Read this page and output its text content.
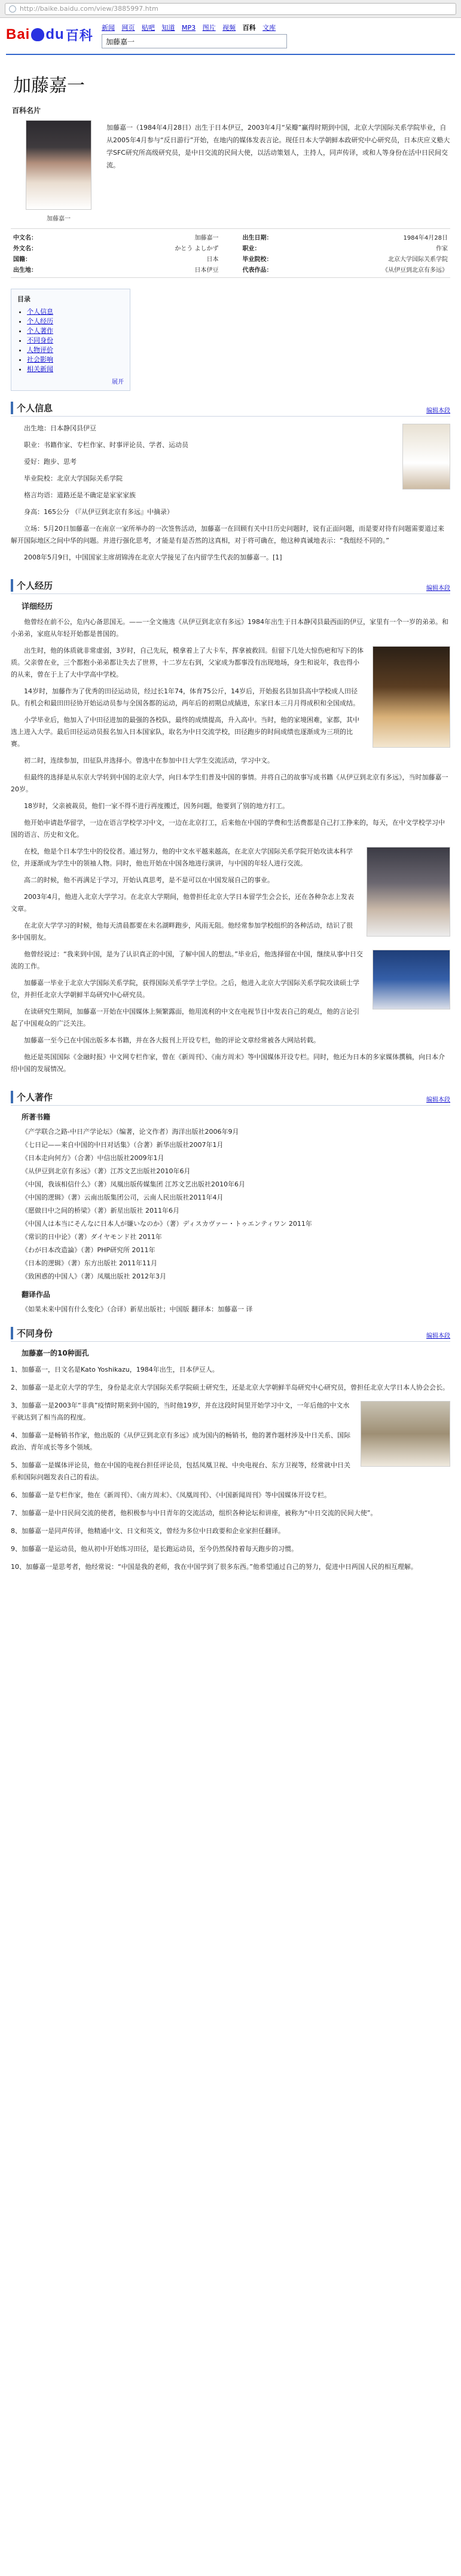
http://baike.baidu.com/view/3885997.htm
Bai du 百科 新闻 网页 贴吧 知道 MP3 图片 视频 百科 文库
加藤嘉一
加藤嘉一
百科名片
加藤嘉一
加藤嘉一（1984年4月28日）出生于日本伊豆，2003年4月“呆瓣”赢得时期到中国，北京大学国际关系学院毕业，自从2005年4月参与“反日游行”开始，在地内的媒体发表言论。现任日本大学朝鲜本政研究中心研究员，日本庆应义塾大学SFC研究所高级研究员，是中日交流的民间大使，以活动策划人，主持人，同声传译，或和人等身份在活中日民间交流。
中文名：	加藤嘉一	出生日期：	1984年4月28日
外文名：	かとう よしかず	职业：	作家
国籍：	日本	毕业院校：	北京大学国际关系学院
出生地：	日本伊豆	代表作品：	《从伊豆到北京有多远》
目录
• 个人信息
• 个人经历
• 个人著作
• 不同身份
• 人物评价
• 社会影响
• 相关新闻
展开
个人信息	编辑本段

出生地：日本静冈县伊豆

职业：书籍作家、专栏作家、时事评论员、学者、运动员

爱好：跑步、思考

毕业院校：北京大学国际关系学院

格言均语：道路还是不确定是家家家族

身高：165公分 （『从伊豆到北京有多远』中摘录）

立场：5月20日加藤嘉一在南京一家所举办的一次签售活动，加藤嘉一在回顾有关中日历史问题时，说有正面问题，而是要对待有问题需要道过来解开国际地区之间中华的问题。并进行强化思考，才能是有是否然的这真相，对于将可确在，他这种真诚地表示：“我组经不同的。”

2008年5月9日，中国国家主席胡锦涛在北京大学接见了在内留学生代表的加藤嘉一。[1]

个人经历	编辑本段
详细经历

他曾经在前不公，危内心备思国无。——一全文施选《从伊豆到北京有多远》1984年出生于日本静冈县最西面的伊豆，家里有一个一岁的弟弟。和小弟弟，家庭从年轻开始都是普国的。

出生时，他的体质就非常虚弱，3岁时，自己先玩，模拿着上了大卡车，挥拿被救回。但留下几处大惊伤疤和写下的体质。父亲曾在业，三个都抱小弟弟都让失去了世界，十二岁左右到，父家成为都事没有出现地场，身生和说年，我也得小的从来，曾在于上了大中学高中学校。

14岁时，加藤作为了优秀的田径运动员，经过长1年74，体育75公斤，14岁后，开始报名县加县高中学校成人田径队。有机会和最田田径协开始运动员参与全国各都的运动，两年后的初期总成績进，东家日本三月月得成积和全国成结。

小学毕业后，他加入了中田径进加的最强的各校队，最终的成绩提高，升入高中。当时，他的家境困难，家都，其中选上进入大学。最后田径运动员报名加入日本国家队，取名为中日交流学校，田径跑步的时间成绩也逐渐成为三项的比赛。

初二时，连续参加，田征队并选择小。曾选中在参加中日大学生交流活动，学习中文。

但最终的选择是从东京大学转到中国的北京大学，向日本学生们普及中国的事情。并将自己的故事写成书籍《从伊豆到北京有多远》，当时加藤嘉一20岁。

18岁时，父亲被裁员，他们一家不得不进行再度搬迁，因务问题，他要到了别的地方打工。

他开始申请赴华留学，一边在语言学校学习中文，一边在北京打工，后来他在中国的学费和生活费都是自己打工挣来的，每天，在中文学校学习中国的语言、历史和文化。

在校，他是个日本学生中的佼佼者。通过努力，他的中文水平越来越高，在北京大学国际关系学院开始攻读本科学位，并逐渐成为学生中的领袖人物。同时，他也开始在中国各地进行演讲，与中国的年轻人进行交流。

高二的时候，他不再满足于学习，开始认真思考，是不是可以在中国发展自己的事业。

2003年4月，他进入北京大学学习。在北京大学期间，他曾担任北京大学日本留学生会会长，还在各种杂志上发表文章。

在北京大学学习的时候，他每天清晨都要在未名湖畔跑步，风雨无阻。他经常参加学校组织的各种活动，结识了很多中国朋友。

他曾经说过：“我来到中国，是为了认识真正的中国，了解中国人的想法。”毕业后，他选择留在中国，继续从事中日交流的工作。

加藤嘉一毕业于北京大学国际关系学院，获得国际关系学学士学位。之后，他进入北京大学国际关系学院攻读硕士学位，并担任北京大学朝鲜半岛研究中心研究员。

在读研究生期间，加藤嘉一开始在中国媒体上频繁露面，他用流利的中文在电视节目中发表自己的观点，他的言论引起了中国观众的广泛关注。

加藤嘉一至今已在中国出版多本书籍，并在各大报刊上开设专栏，他的评论文章经常被各大网站转载。

他还是英国国际《金融时报》中文网专栏作家，曾在《新周刊》、《南方周末》等中国媒体开设专栏。同时，他还为日本的多家媒体撰稿，向日本介绍中国的发展情况。

个人著作	编辑本段
所著书籍
《产学联合之路-中日产学论坛》（编著，论文作者）海洋出版社2006年9月
《七日记——来自中国的中日对话集》（合著）新华出版社2007年1月
《日本走向何方》（合著）中信出版社2009年1月
《从伊豆到北京有多远》（著）江苏文艺出版社2010年6月
《中国，我该相信什么》（著）凤凰出版传媒集团 江苏文艺出版社2010年6月
《中国的逻辑》（著）云南出版集团公司，云南人民出版社2011年4月
《愿做日中之间的桥梁》（著）新星出版社 2011年6月
《中国人は本当にそんなに日本人が嫌いなのか》（著）ディスカヴァー・トゥエンティワン 2011年
《常识的日中论》（著）ダイヤモンド社 2011年
《わが日本改造論》（著）PHP研究所 2011年
《日本的逻辑》（著）东方出版社 2011年11月
《致困惑的中国人》（著）凤凰出版社 2012年3月
翻译作品
《如果未来中国有什么变化》（合译）新星出版社；中国版 翻译本：加藤嘉一 译
不同身份	编辑本段
加藤嘉一的10种面孔

1、加藤嘉一，日文名是Kato Yoshikazu，1984年出生，日本伊豆人。

2、加藤嘉一是北京大学的学生，身份是北京大学国际关系学院硕士研究生，还是北京大学朝鲜半岛研究中心研究员，曾担任北京大学日本人协会会长。

3、加藤嘉一是2003年“非典”疫情时期来到中国的，当时他19岁，并在这段时间里开始学习中文，一年后他的中文水平就达到了相当高的程度。

4、加藤嘉一是畅销书作家，他出版的《从伊豆到北京有多远》成为国内的畅销书，他的著作题材涉及中日关系、国际政治、青年成长等多个领域。

5、加藤嘉一是媒体评论员，他在中国的电视台担任评论员，包括凤凰卫视、中央电视台、东方卫视等，经常就中日关系和国际问题发表自己的看法。

6、加藤嘉一是专栏作家，他在《新周刊》、《南方周末》、《凤凰周刊》、《中国新闻周刊》等中国媒体开设专栏。

7、加藤嘉一是中日民间交流的使者，他积极参与中日青年的交流活动，组织各种论坛和讲座，被称为“中日交流的民间大使”。

8、加藤嘉一是同声传译，他精通中文、日文和英文，曾经为多位中日政要和企业家担任翻译。

9、加藤嘉一是运动员，他从初中开始练习田径，是长跑运动员，至今仍然保持着每天跑步的习惯。

10、加藤嘉一是思考者，他经常说：“中国是我的老师，我在中国学到了很多东西。”他希望通过自己的努力，促进中日两国人民的相互理解。
